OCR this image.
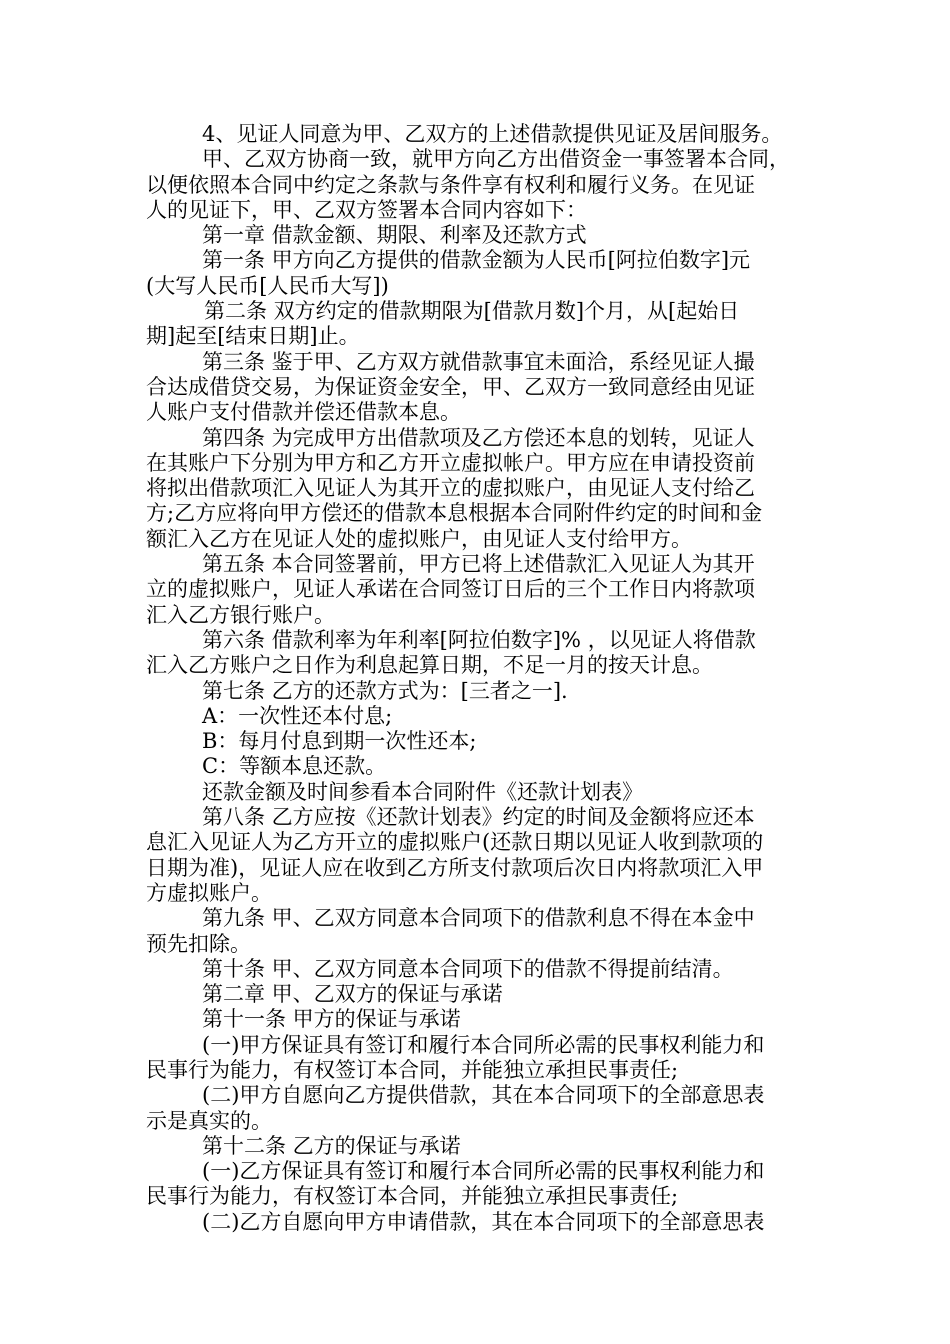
4、见证人同意为甲、乙双方的上述借款提供见证及居间服务。
甲、乙双方协商一致，就甲方向乙方出借资金一事签署本合同，
以便依照本合同中约定之条款与条件享有权利和履行义务。在见证
人的见证下，甲、乙双方签署本合同内容如下：
第一章 借款金额、期限、利率及还款方式
第一条 甲方向乙方提供的借款金额为人民币[阿拉伯数字]元
(大写人民币[人民币大写])
第二条 双方约定的借款期限为[借款月数]个月，从[起始日
期]起至[结束日期]止。
第三条 鉴于甲、乙方双方就借款事宜未面洽，系经见证人撮
合达成借贷交易，为保证资金安全，甲、乙双方一致同意经由见证
人账户支付借款并偿还借款本息。
第四条 为完成甲方出借款项及乙方偿还本息的划转，见证人
在其账户下分别为甲方和乙方开立虚拟帐户。甲方应在申请投资前
将拟出借款项汇入见证人为其开立的虚拟账户，由见证人支付给乙
方;乙方应将向甲方偿还的借款本息根据本合同附件约定的时间和金
额汇入乙方在见证人处的虚拟账户，由见证人支付给甲方。
第五条 本合同签署前，甲方已将上述借款汇入见证人为其开
立的虚拟账户，见证人承诺在合同签订日后的三个工作日内将款项
汇入乙方银行账户。
第六条 借款利率为年利率[阿拉伯数字]% ，以见证人将借款
汇入乙方账户之日作为利息起算日期，不足一月的按天计息。
第七条 乙方的还款方式为：[三者之一].
A：一次性还本付息;
B：每月付息到期一次性还本;
C：等额本息还款。
还款金额及时间参看本合同附件《还款计划表》
第八条 乙方应按《还款计划表》约定的时间及金额将应还本
息汇入见证人为乙方开立的虚拟账户(还款日期以见证人收到款项的
日期为准)，见证人应在收到乙方所支付款项后次日内将款项汇入甲
方虚拟账户。
第九条 甲、乙双方同意本合同项下的借款利息不得在本金中
预先扣除。
第十条 甲、乙双方同意本合同项下的借款不得提前结清。
第二章 甲、乙双方的保证与承诺
第十一条 甲方的保证与承诺
(一)甲方保证具有签订和履行本合同所必需的民事权利能力和
民事行为能力，有权签订本合同，并能独立承担民事责任;
(二)甲方自愿向乙方提供借款，其在本合同项下的全部意思表
示是真实的。
第十二条 乙方的保证与承诺
(一)乙方保证具有签订和履行本合同所必需的民事权利能力和
民事行为能力，有权签订本合同，并能独立承担民事责任;
(二)乙方自愿向甲方申请借款，其在本合同项下的全部意思表
